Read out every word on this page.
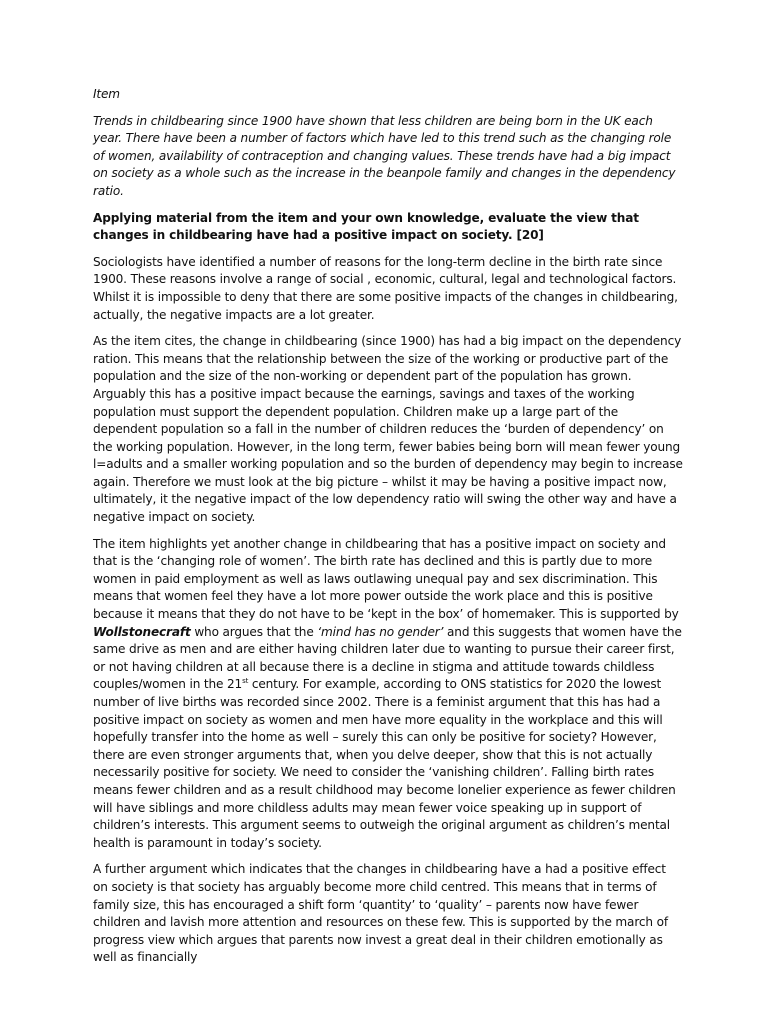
Item

Trends in childbearing since 1900 have shown that less children are being born in the UK each year. There have been a number of factors which have led to this trend such as the changing role of women, availability of contraception and changing values. These trends have had a big impact on society as a whole such as the increase in the beanpole family and changes in the dependency ratio.

Applying material from the item and your own knowledge, evaluate the view that changes in childbearing have had a positive impact on society. [20]

Sociologists have identified a number of reasons for the long-term decline in the birth rate since 1900. These reasons involve a range of social , economic, cultural, legal and technological factors. Whilst it is impossible to deny that there are some positive impacts of the changes in childbearing, actually, the negative impacts are a lot greater.

As the item cites, the change in childbearing (since 1900) has had a big impact on the dependency ration. This means that the relationship between the size of the working or productive part of the population and the size of the non-working or dependent part of the population has grown. Arguably this has a positive impact because the earnings, savings and taxes of the working population must support the dependent population. Children make up a large part of the dependent population so a fall in the number of children reduces the ‘burden of dependency’ on the working population. However, in the long term, fewer babies being born will mean fewer young l=adults and a smaller working population and so the burden of dependency may begin to increase again. Therefore we must look at the big picture – whilst it may be having a positive impact now, ultimately, it the negative impact of the low dependency ratio will swing the other way and have a negative impact on society.

The item highlights yet another change in childbearing that has a positive impact on society and that is the ‘changing role of women’. The birth rate has declined and this is partly due to more women in paid employment as well as laws outlawing unequal pay and sex discrimination. This means that women feel they have a lot more power outside the work place and this is positive because it means that they do not have to be ‘kept in the box’ of homemaker. This is supported by Wollstonecraft who argues that the ‘mind has no gender’ and this suggests that women have the same drive as men and are either having children later due to wanting to pursue their career first, or not having children at all because there is a decline in stigma and attitude towards childless couples/women in the 21st century. For example, according to ONS statistics for 2020 the lowest number of live births was recorded since 2002. There is a feminist argument that this has had a positive impact on society as women and men have more equality in the workplace and this will hopefully transfer into the home as well – surely this can only be positive for society? However, there are even stronger arguments that, when you delve deeper, show that this is not actually necessarily positive for society. We need to consider the ‘vanishing children’. Falling birth rates means fewer children and as a result childhood may become lonelier experience as fewer children will have siblings and more childless adults may mean fewer voice speaking up in support of children’s interests. This argument seems to outweigh the original argument as children’s mental health is paramount in today’s society.

A further argument which indicates that the changes in childbearing have a had a positive effect on society is that society has arguably become more child centred. This means that in terms of family size, this has encouraged a shift form ‘quantity’ to ‘quality’ – parents now have fewer children and lavish more attention and resources on these few. This is supported by the march of progress view which argues that parents now invest a great deal in their children emotionally as well as financially
